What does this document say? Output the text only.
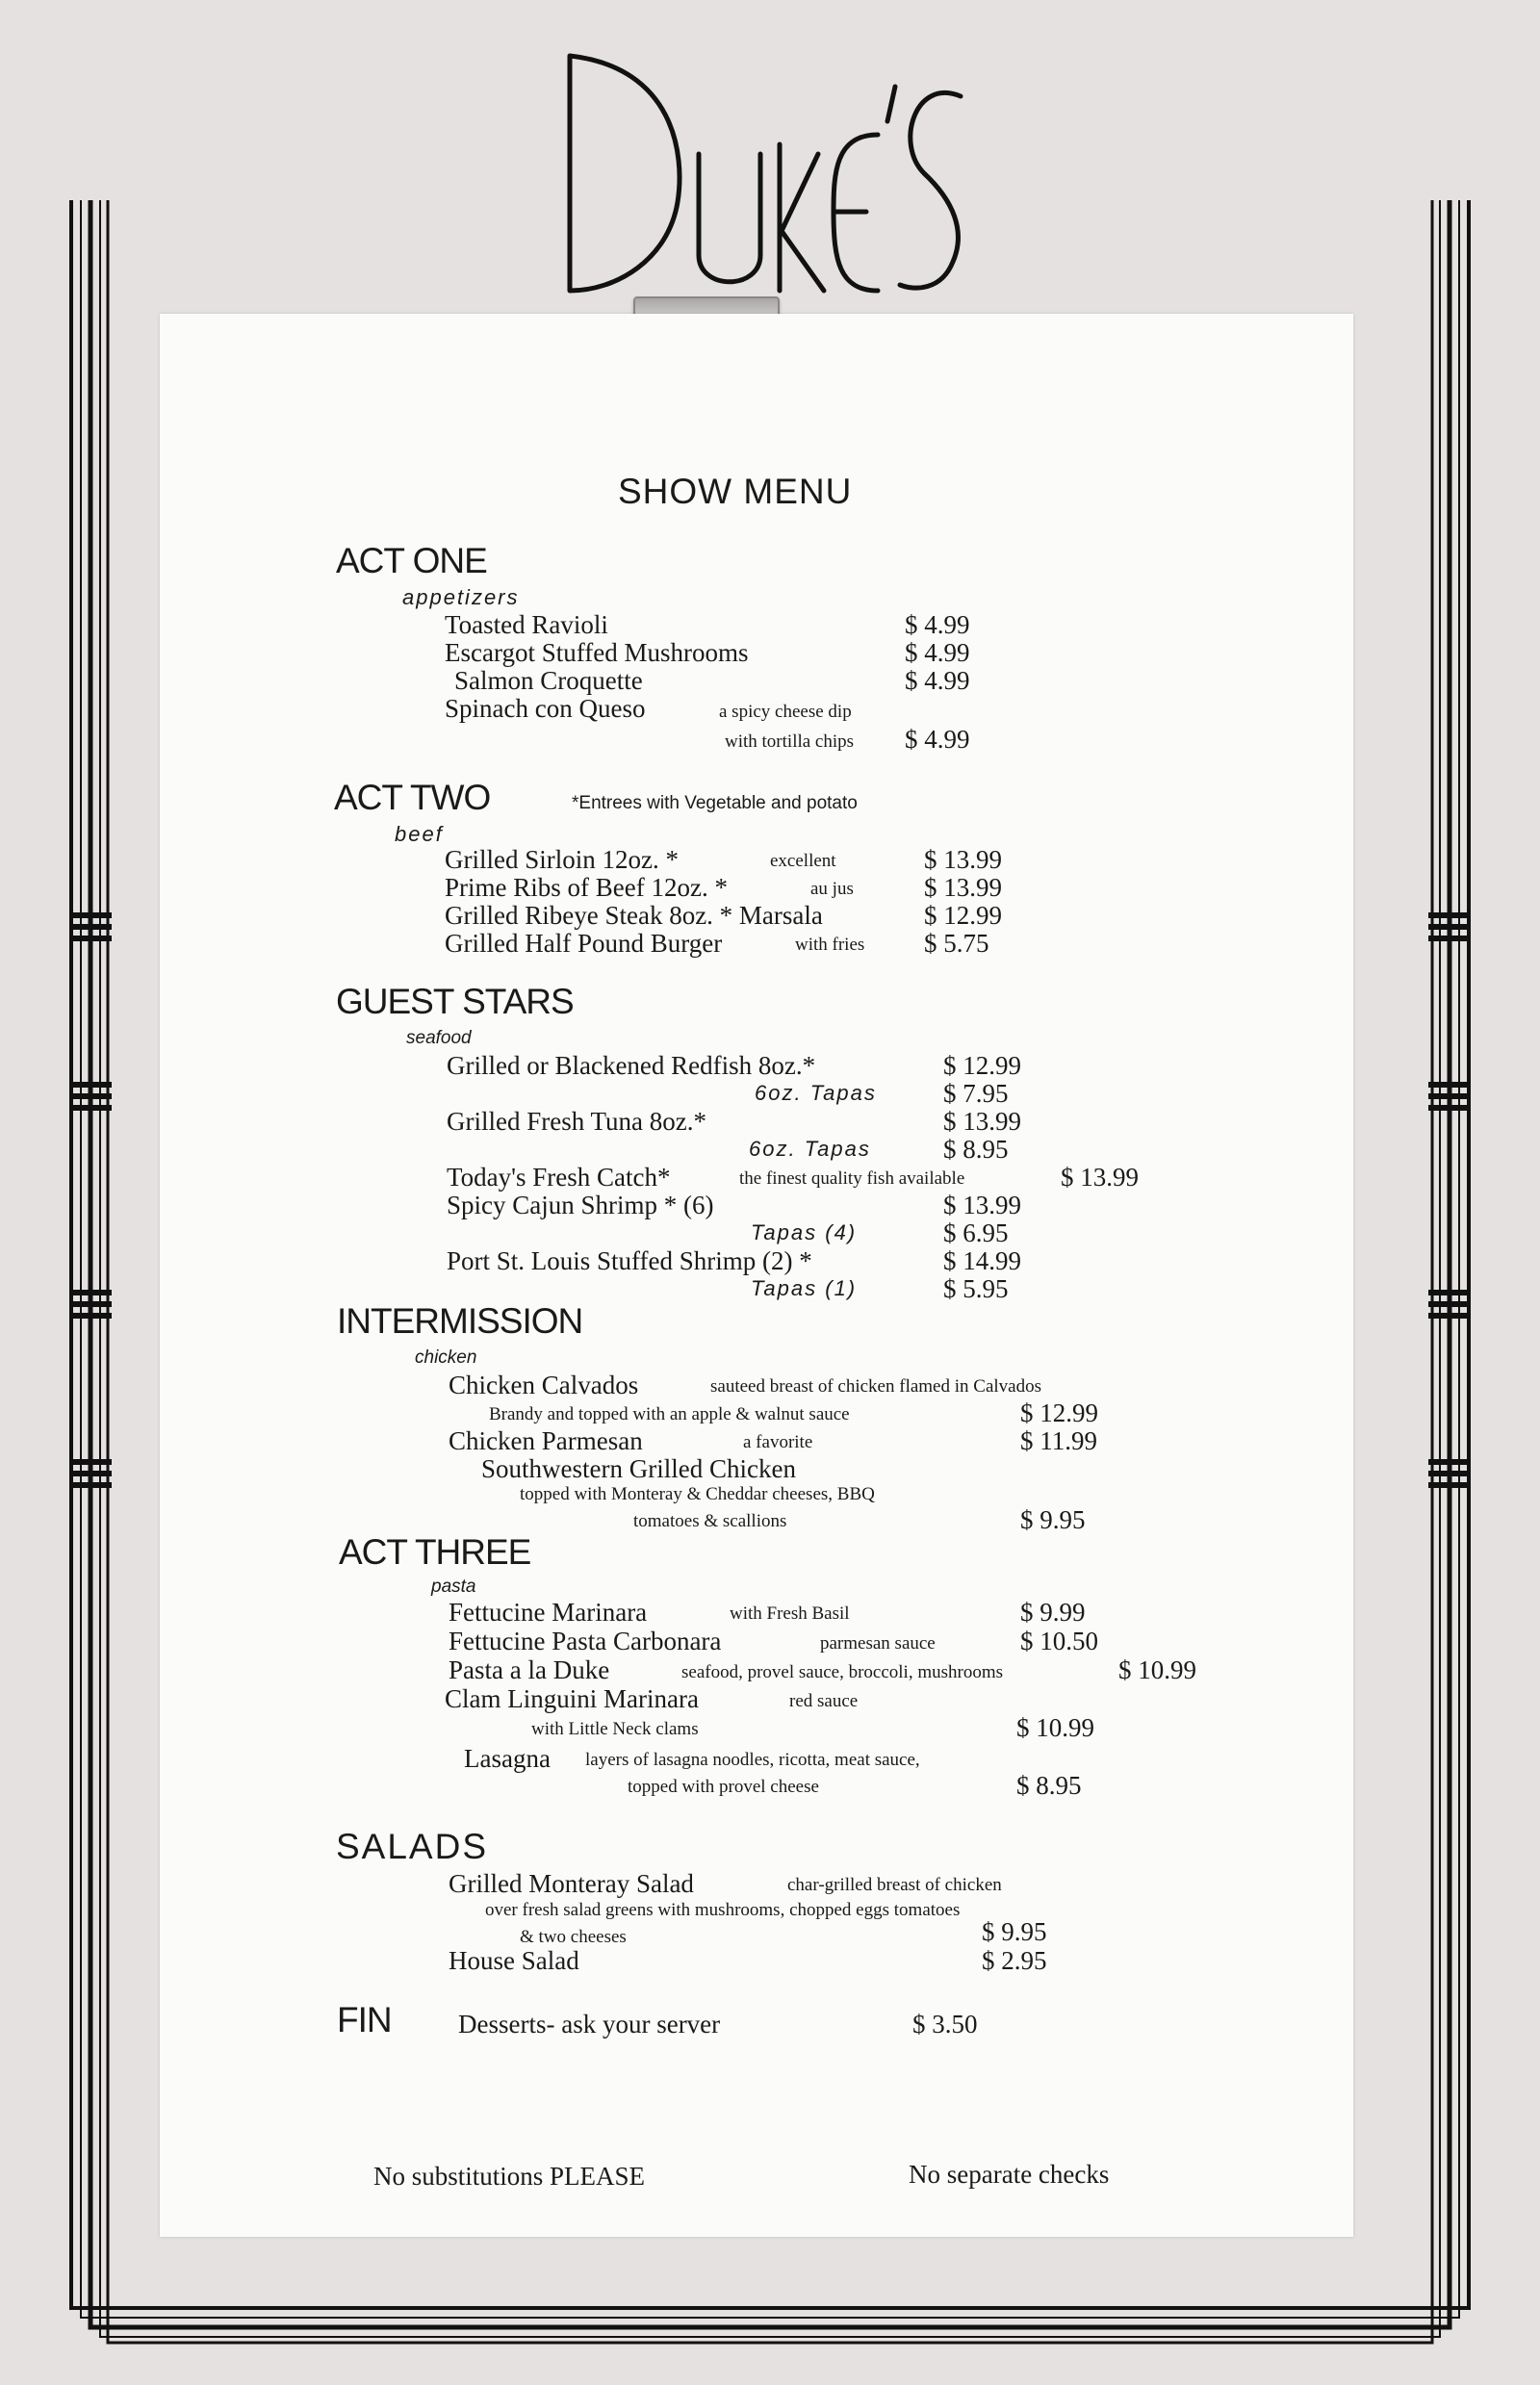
SHOW MENU
ACT ONE
appetizers
Toasted Ravioli	$ 4.99
Escargot Stuffed Mushrooms	$ 4.99
Salmon Croquette	$ 4.99
Spinach con Queso	a spicy cheese dip
with tortilla chips $ 4.99
ACT TWO	*Entrees with Vegetable and potato
beef
Grilled Sirloin 12oz. *	excellent	$ 13.99
Prime Ribs of Beef 12oz. *	au jus	$ 13.99
Grilled Ribeye Steak 8oz. * Marsala	$ 12.99
Grilled Half Pound Burger	with fries $ 5.75
GUEST STARS
seafood
Grilled or Blackened Redfish 8oz.*	$ 12.99
6oz. Tapas	$ 7.95
Grilled Fresh Tuna 8oz.*	$ 13.99
6oz. Tapas	$ 8.95
Today's Fresh Catch*	the finest quality fish available	$ 13.99
Spicy Cajun Shrimp * (6)	$ 13.99
Tapas (4)	$ 6.95
Port St. Louis Stuffed Shrimp (2) *	$ 14.99
Tapas (1)	$ 5.95
INTERMISSION
chicken
Chicken Calvados	sauteed breast of chicken flamed in Calvados
Brandy and topped with an apple & walnut sauce	$ 12.99
Chicken Parmesan	a favorite	$ 11.99
Southwestern Grilled Chicken
topped with Monteray & Cheddar cheeses, BBQ
tomatoes & scallions	$ 9.95
ACT THREE
pasta
Fettucine Marinara	with Fresh Basil	$ 9.99
Fettucine Pasta Carbonara	parmesan sauce	$ 10.50
Pasta a la Duke	seafood, provel sauce, broccoli, mushrooms	$ 10.99
Clam Linguini Marinara	red sauce
with Little Neck clams	$ 10.99
Lasagna layers of lasagna noodles, ricotta, meat sauce,
topped with provel cheese	$ 8.95
SALADS
Grilled Monteray Salad	char-grilled breast of chicken
over fresh salad greens with mushrooms, chopped eggs tomatoes
& two cheeses	$ 9.95
House Salad	$ 2.95
FIN	Desserts- ask your server	$ 3.50
No substitutions PLEASE	No separate checks
